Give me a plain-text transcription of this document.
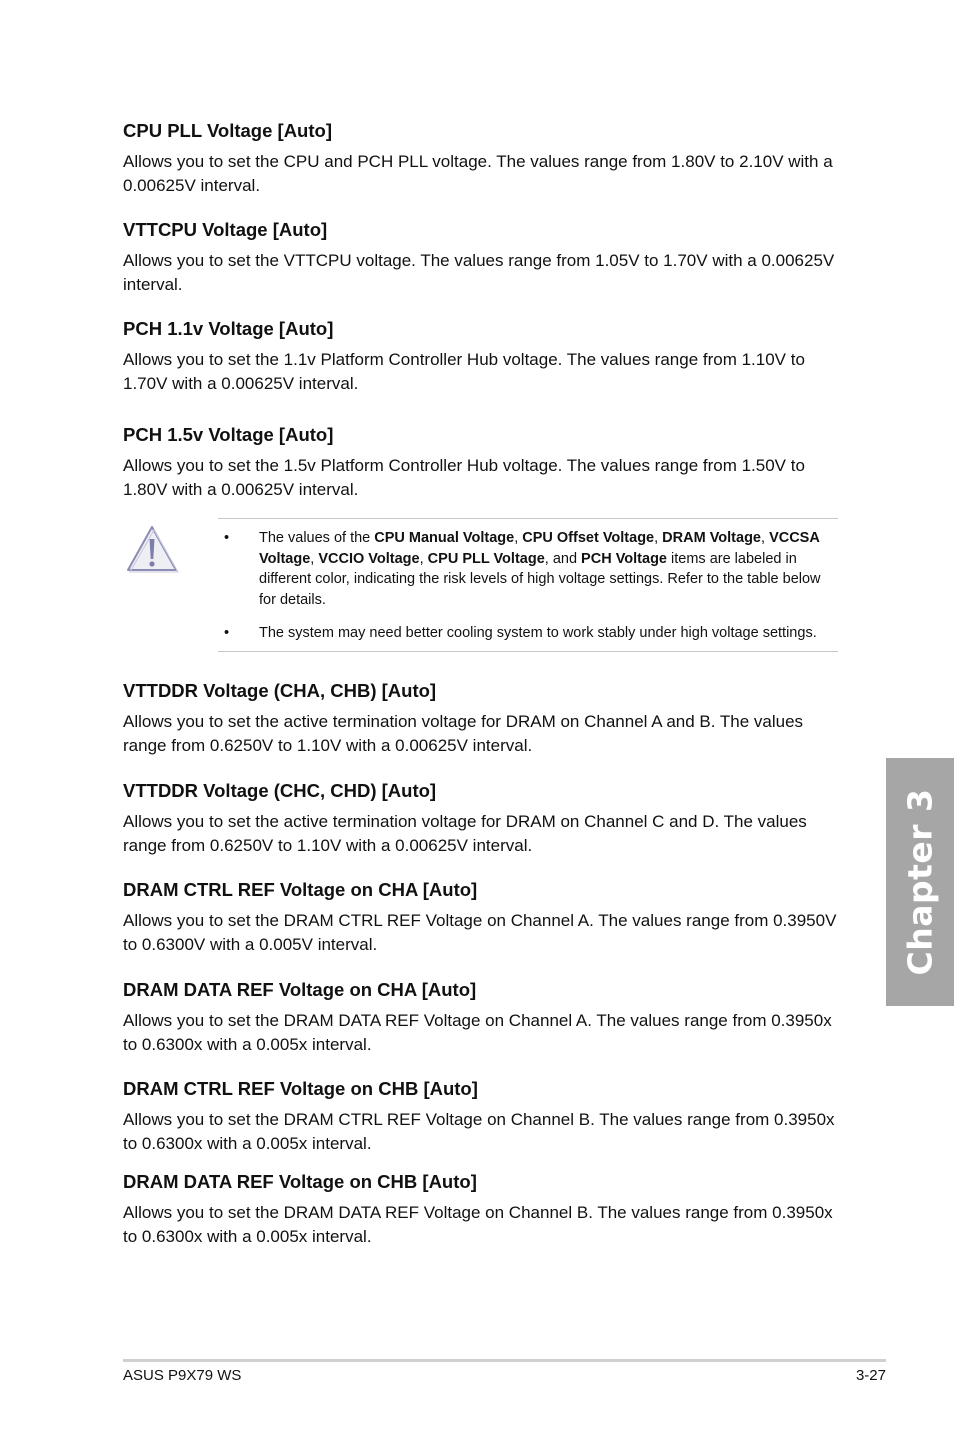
CPU PLL Voltage [Auto]

Allows you to set the CPU and PCH PLL voltage. The values range from 1.80V to 2.10V with a 0.00625V interval.

VTTCPU Voltage [Auto]

Allows you to set the VTTCPU voltage. The values range from 1.05V to 1.70V with a 0.00625V interval.

PCH 1.1v Voltage [Auto]

Allows you to set the 1.1v Platform Controller Hub voltage. The values range from 1.10V to 1.70V with a 0.00625V interval.

PCH 1.5v Voltage [Auto]

Allows you to set the 1.5v Platform Controller Hub voltage. The values range from 1.50V to 1.80V with a 0.00625V interval.

• The values of the CPU Manual Voltage, CPU Offset Voltage, DRAM Voltage, VCCSA Voltage, VCCIO Voltage, CPU PLL Voltage, and PCH Voltage items are labeled in different color, indicating the risk levels of high voltage settings. Refer to the table below for details.
• The system may need better cooling system to work stably under high voltage settings.
VTTDDR Voltage (CHA, CHB) [Auto]

Allows you to set the active termination voltage for DRAM on Channel A and B. The values range from 0.6250V to 1.10V with a 0.00625V interval.

VTTDDR Voltage (CHC, CHD) [Auto]

Allows you to set the active termination voltage for DRAM on Channel C and D. The values range from 0.6250V to 1.10V with a 0.00625V interval.

DRAM CTRL REF Voltage on CHA [Auto]

Allows you to set the DRAM CTRL REF Voltage on Channel A. The values range from 0.3950V to 0.6300V with a 0.005V interval.

DRAM DATA REF Voltage on CHA [Auto]

Allows you to set the DRAM DATA REF Voltage on Channel A. The values range from 0.3950x to 0.6300x with a 0.005x interval.

DRAM CTRL REF Voltage on CHB [Auto]

Allows you to set the DRAM CTRL REF Voltage on Channel B. The values range from 0.3950x to 0.6300x with a 0.005x interval.

DRAM DATA REF Voltage on CHB [Auto]

Allows you to set the DRAM DATA REF Voltage on Channel B. The values range from 0.3950x to 0.6300x with a 0.005x interval.

Chapter 3
ASUS P9X79 WS	3-27
